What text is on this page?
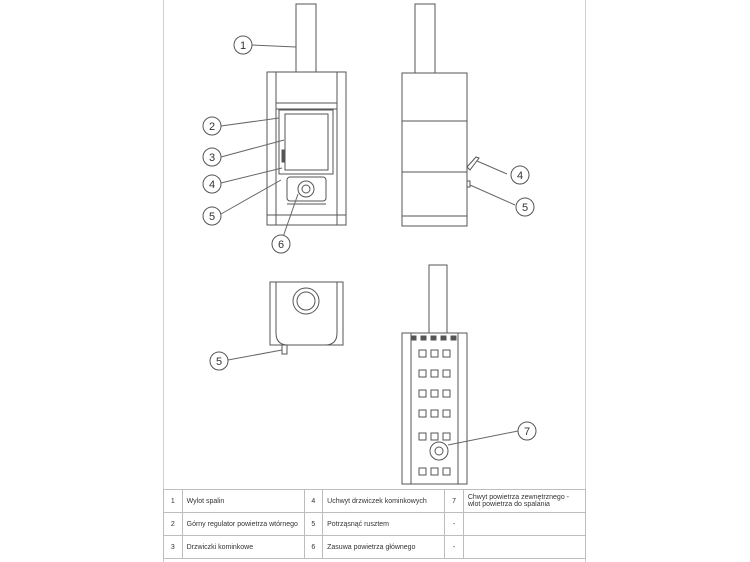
1
2
3
4
5
6
4
5
5
7
1	Wylot spalin	4	Uchwyt drzwiczek kominkowych	7	Chwyt powietrza zewnętrznego - wlot powietrza do spalania
2	Górny regulator powietrza wtórnego	5	Potrząsnąć rusztem	-	
3	Drzwiczki kominkowe	6	Zasuwa powietrza głównego	-	
